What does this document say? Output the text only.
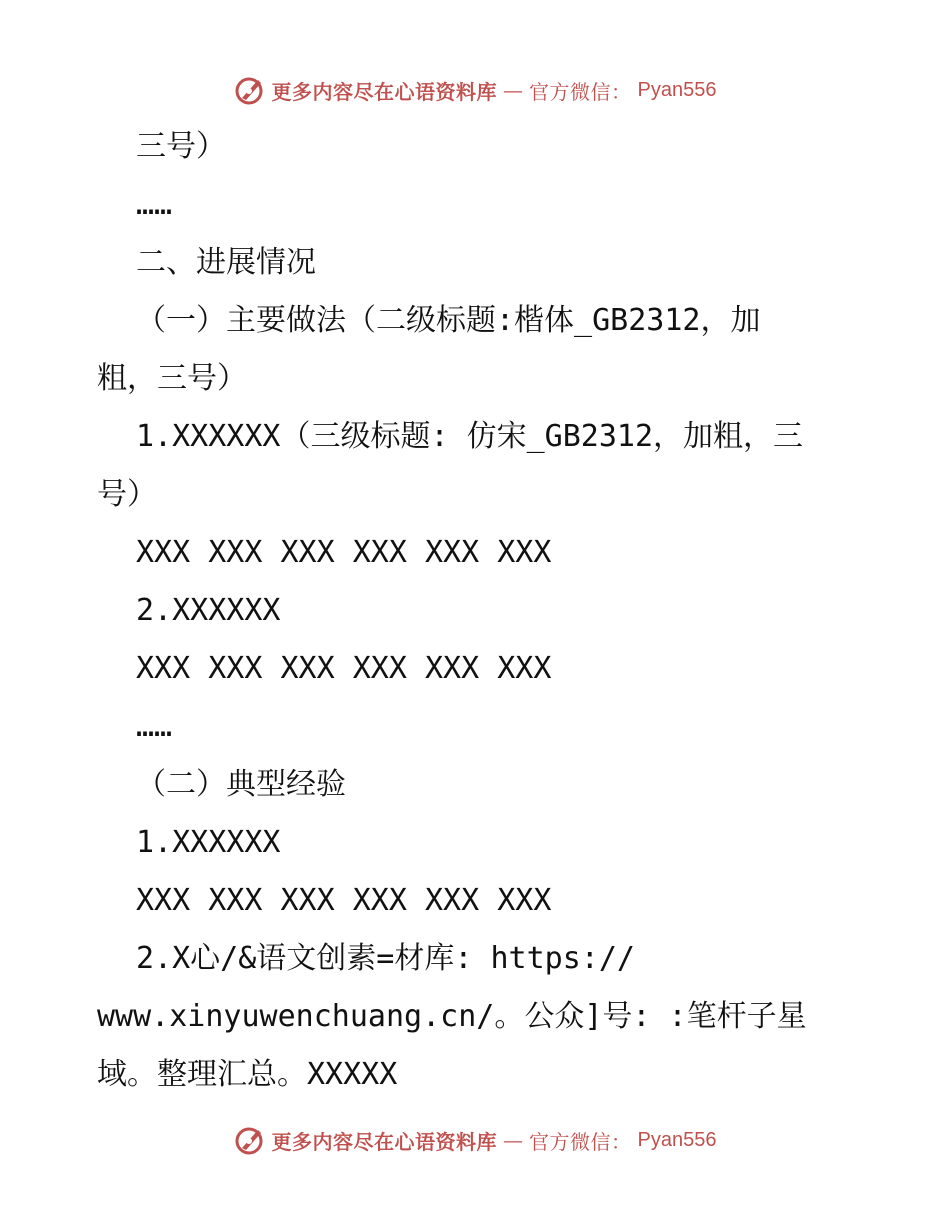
更多内容尽在心语资料库 — 官方微信： Pyan556
三号）
……
二、进展情况
（一）主要做法（二级标题:楷体_GB2312，加
粗，三号）
1.XXXXXX（三级标题: 仿宋_GB2312，加粗，三
号）
XXX XXX XXX XXX XXX XXX
2.XXXXXX
XXX XXX XXX XXX XXX XXX
……
（二）典型经验
1.XXXXXX
XXX XXX XXX XXX XXX XXX
2.X心/&语文创素=材库: https://
www.xinyuwenchuang.cn/。公众]号: :笔杆子星
域。整理汇总。XXXXX
更多内容尽在心语资料库 — 官方微信： Pyan556
